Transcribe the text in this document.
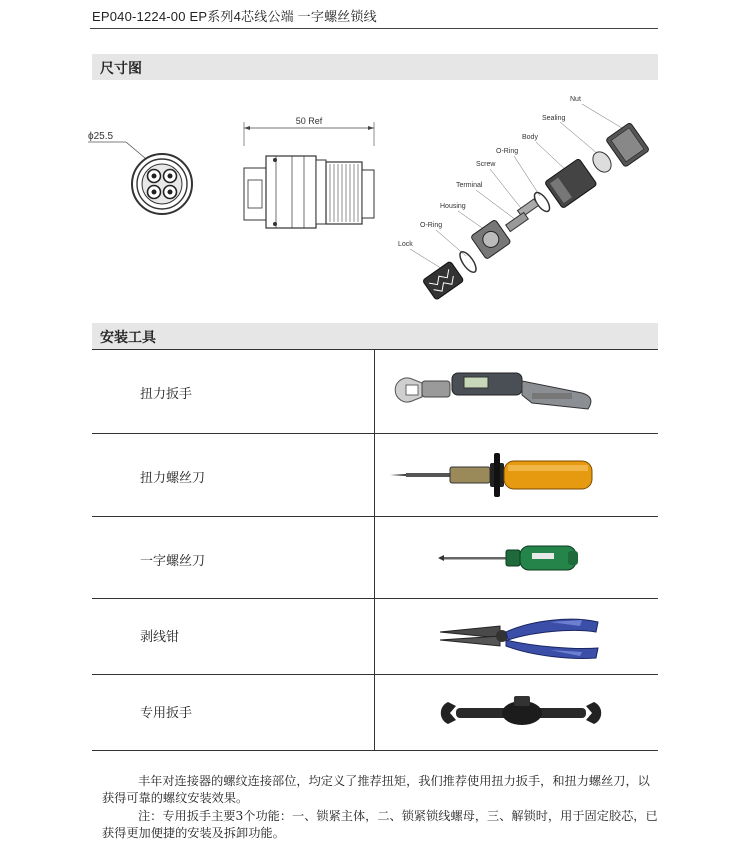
EP040-1224-00 EP系列4芯线公端 一字螺丝锁线
尺寸图
ϕ25.5
50 Ref
Nut
Sealing
Body
O-Ring
Screw
Terminal
Housing
O-Ring
Lock
安装工具
扭力扳手
扭力螺丝刀
一字螺丝刀
剥线钳
专用扳手
丰年对连接器的螺纹连接部位，均定义了推荐扭矩，我们推荐使用扭力扳手，和扭力螺丝刀，以获得可靠的螺纹安装效果。
注：专用扳手主要3个功能：一、锁紧主体，二、锁紧锁线螺母，三、解锁时，用于固定胶芯，已获得更加便捷的安装及拆卸功能。
